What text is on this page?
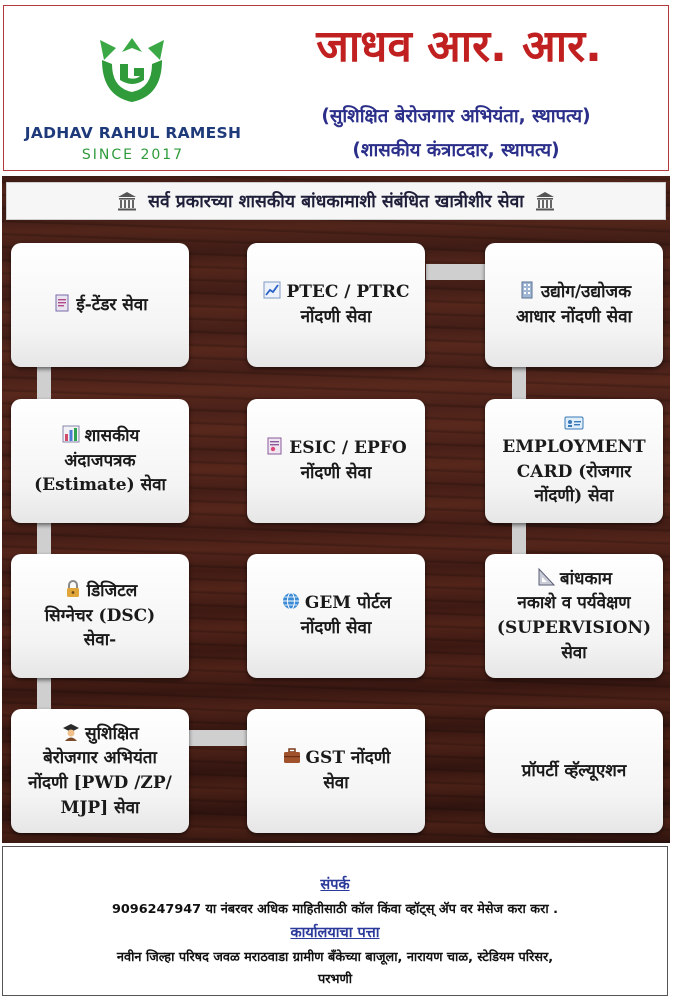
JADHAV RAHUL RAMESH
SINCE 2017
जाधव आर. आर.
(सुशिक्षित बेरोजगार अभियंता, स्थापत्य)
(शासकीय कंत्राटदार, स्थापत्य)
सर्व प्रकारच्या शासकीय बांधकामाशी संबंधित खात्रीशीर सेवा
ई-टेंडर सेवा
PTEC / PTRC
नोंदणी सेवा
उद्योग/उद्योजक
आधार नोंदणी सेवा
शासकीय
अंदाजपत्रक
(Estimate) सेवा
ESIC / EPFO
नोंदणी सेवा
EMPLOYMENT
CARD (रोजगार
नोंदणी) सेवा
डिजिटल
सिग्नेचर (DSC)
सेवा-
GEM पोर्टल
नोंदणी सेवा
बांधकाम
नकाशे व पर्यवेक्षण
(SUPERVISION)
सेवा
सुशिक्षित
बेरोजगार अभियंता
नोंदणी [PWD /ZP/
MJP] सेवा
GST नोंदणी
सेवा
प्रॉपर्टी व्हॅल्यूएशन
संपर्क
9096247947 या नंबरवर अधिक माहितीसाठी कॉल किंवा व्हॉट्स् ॲप वर मेसेज करा करा .
कार्यालयाचा पत्ता
नवीन जिल्हा परिषद जवळ मराठवाडा ग्रामीण बँकेच्या बाजूला, नारायण चाळ, स्टेडियम परिसर,
परभणी
